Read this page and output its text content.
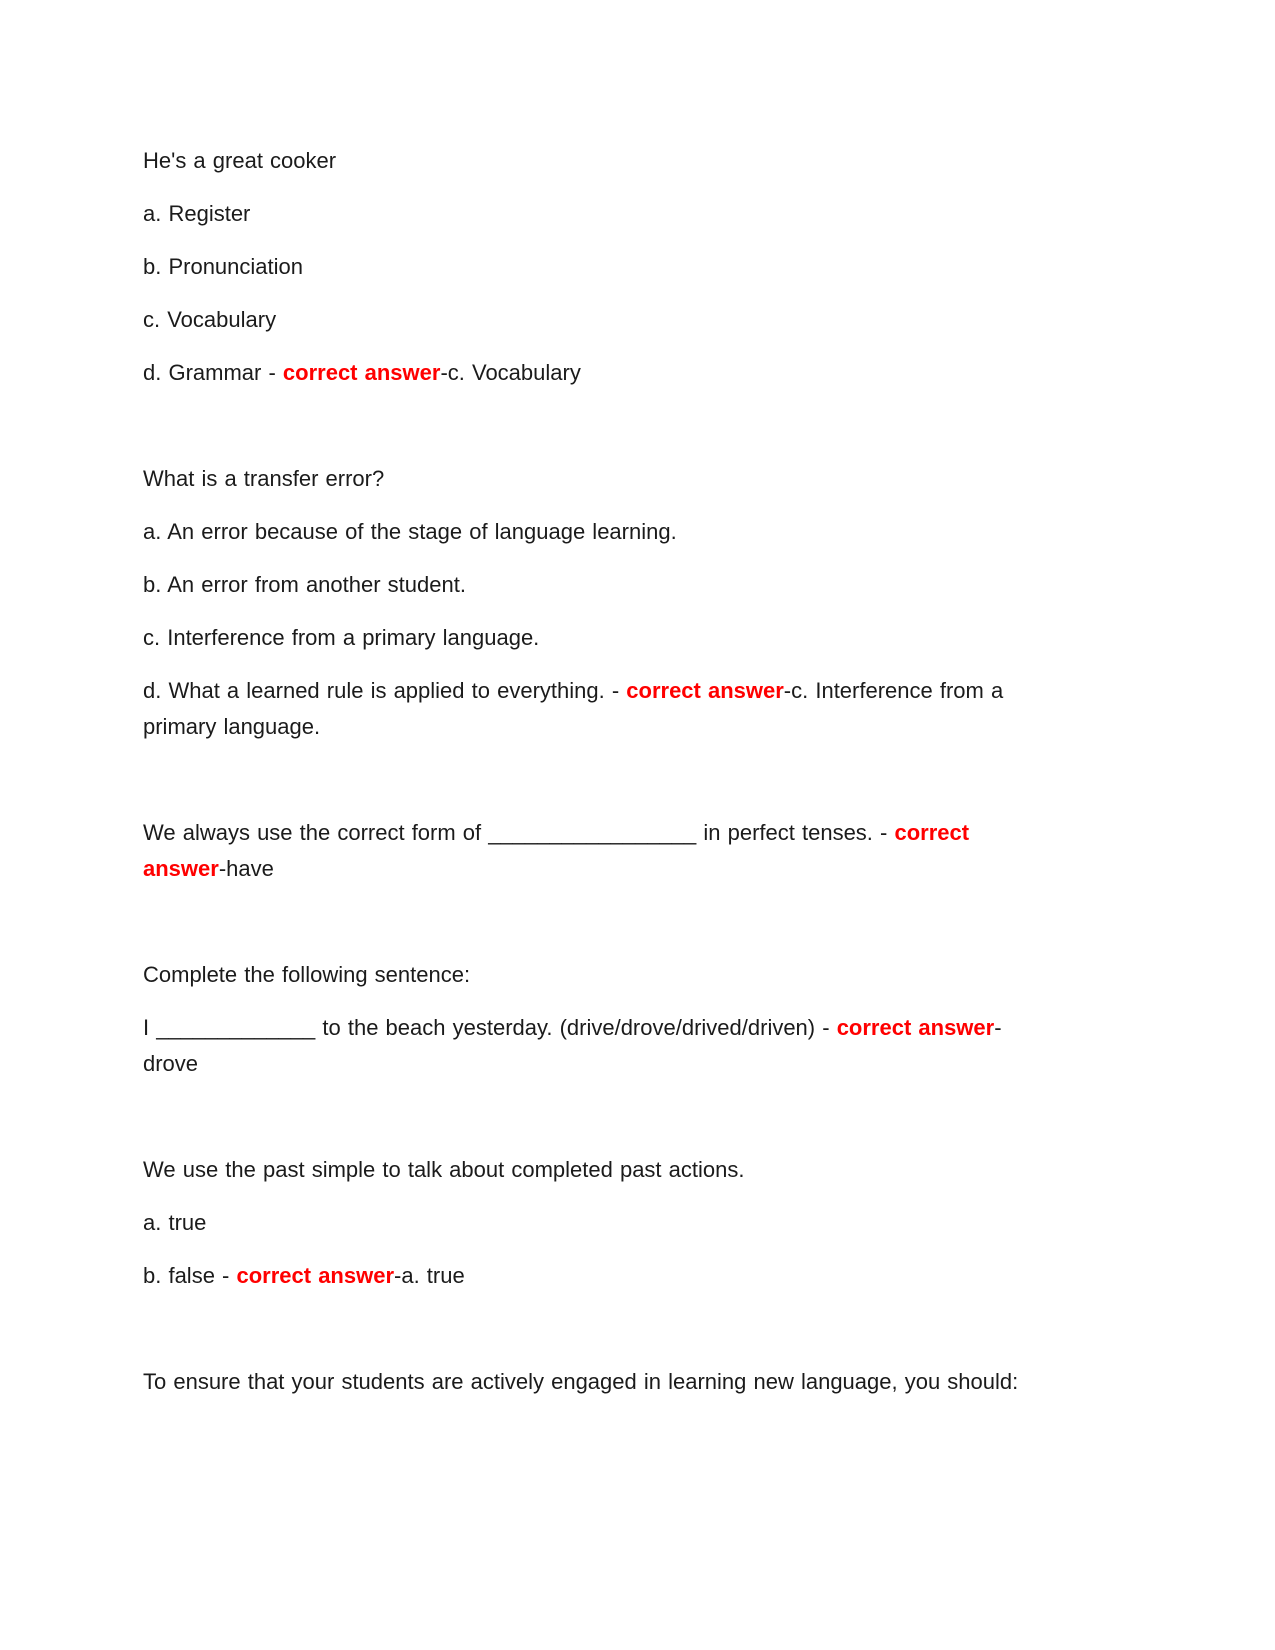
He's a great cooker

a. Register

b. Pronunciation

c. Vocabulary

d. Grammar - correct answer-c. Vocabulary

What is a transfer error?

a. An error because of the stage of language learning.

b. An error from another student.

c. Interference from a primary language.

d. What a learned rule is applied to everything. - correct answer-c. Interference from a primary language.

We always use the correct form of _________________ in perfect tenses. - correct answer-have

Complete the following sentence:

I _____________ to the beach yesterday. (drive/drove/drived/driven) - correct answer-drove

We use the past simple to talk about completed past actions.

a. true

b. false - correct answer-a. true

To ensure that your students are actively engaged in learning new language, you should:
